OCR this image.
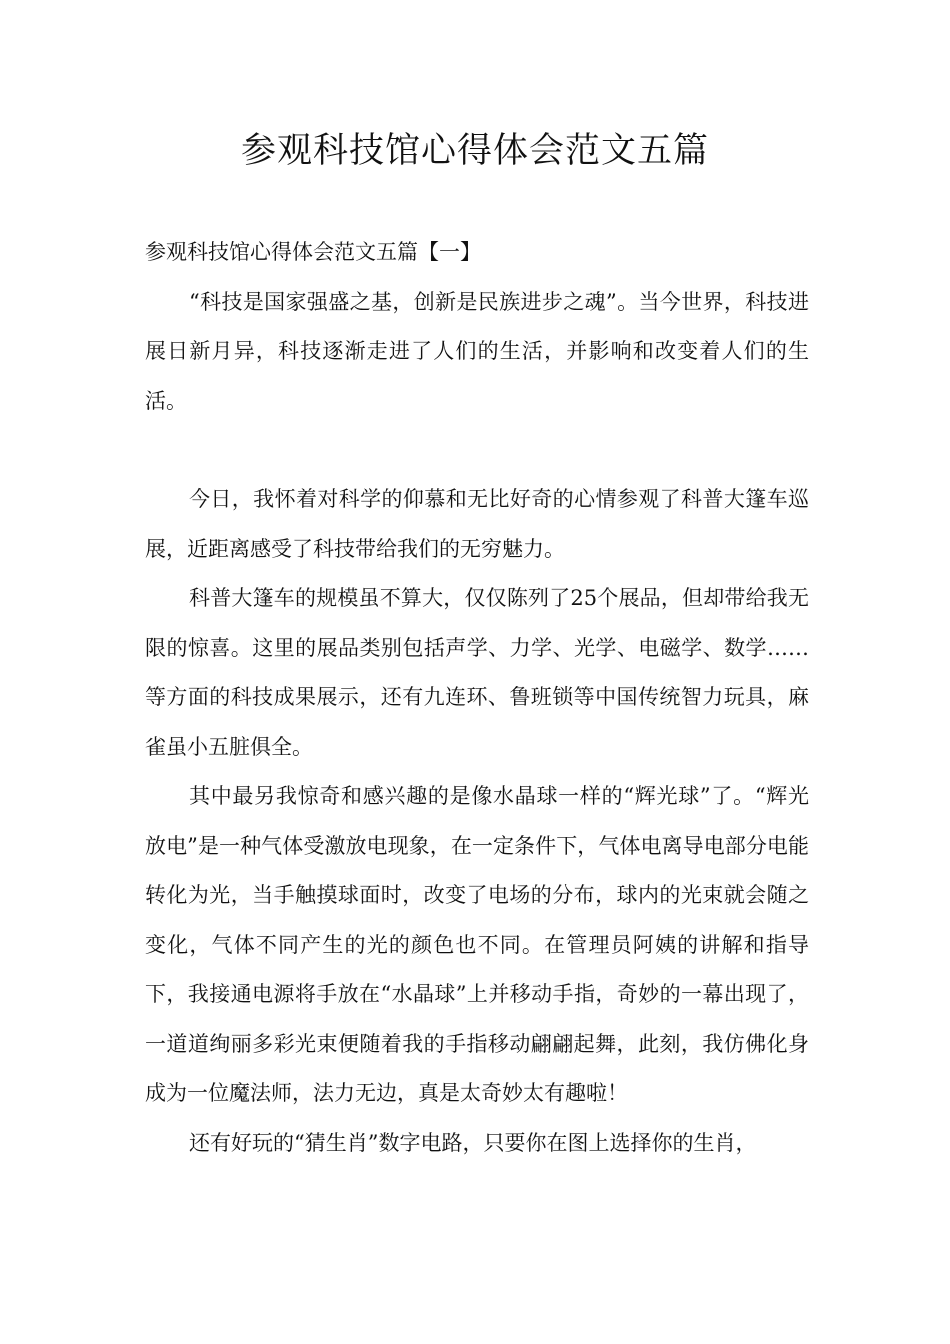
参观科技馆心得体会范文五篇

参观科技馆心得体会范文五篇【一】

“科技是国家强盛之基，创新是民族进步之魂”。当今世界，科技进展日新月异，科技逐渐走进了人们的生活，并影响和改变着人们的生活。

今日，我怀着对科学的仰慕和无比好奇的心情参观了科普大篷车巡展，近距离感受了科技带给我们的无穷魅力。

科普大篷车的规模虽不算大，仅仅陈列了25个展品，但却带给我无限的惊喜。这里的展品类别包括声学、力学、光学、电磁学、数学……等方面的科技成果展示，还有九连环、鲁班锁等中国传统智力玩具，麻雀虽小五脏俱全。

其中最另我惊奇和感兴趣的是像水晶球一样的“辉光球”了。“辉光放电”是一种气体受激放电现象，在一定条件下，气体电离导电部分电能转化为光，当手触摸球面时，改变了电场的分布，球内的光束就会随之变化，气体不同产生的光的颜色也不同。在管理员阿姨的讲解和指导下，我接通电源将手放在“水晶球”上并移动手指，奇妙的一幕出现了，一道道绚丽多彩光束便随着我的手指移动翩翩起舞，此刻，我仿佛化身成为一位魔法师，法力无边，真是太奇妙太有趣啦！

还有好玩的“猜生肖”数字电路，只要你在图上选择你的生肖，
